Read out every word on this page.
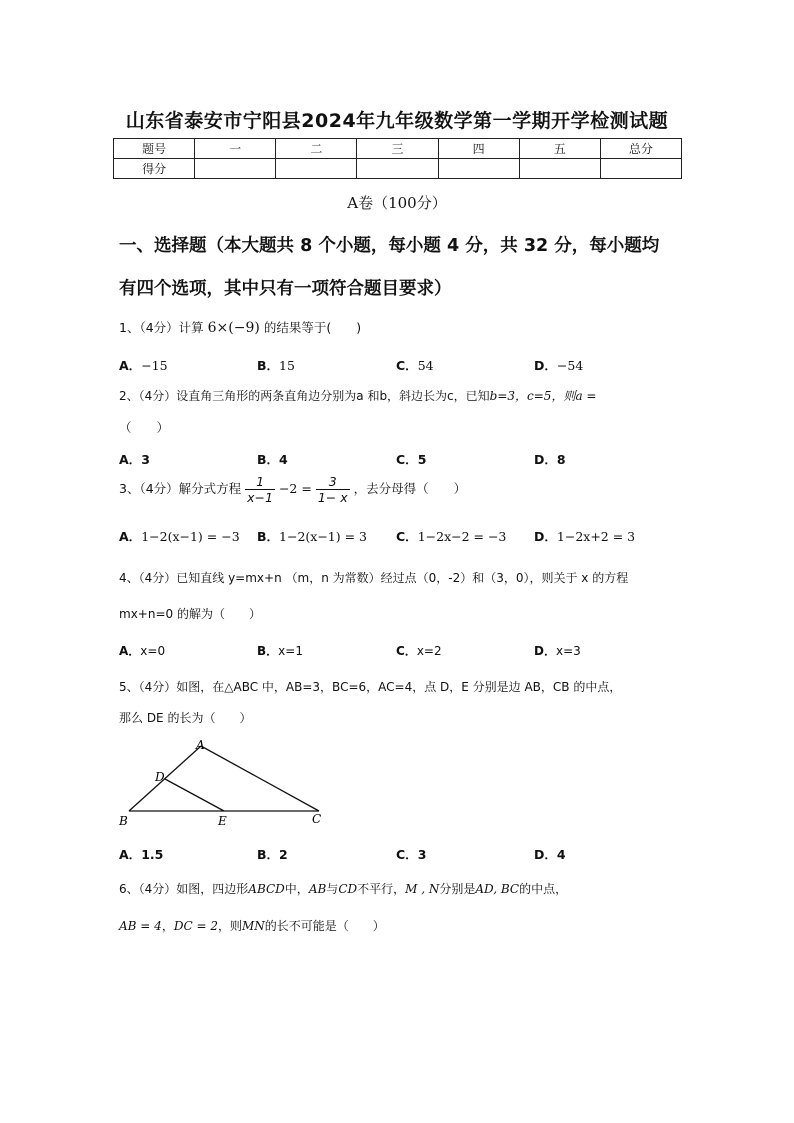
山东省泰安市宁阳县2024年九年级数学第一学期开学检测试题
题号	一	二	三	四	五	总分
得分						
A卷（100分）
一、选择题（本大题共 8 个小题，每小题 4 分，共 32 分，每小题均
有四个选项，其中只有一项符合题目要求）
1、（4分）计算 6×(−9) 的结果等于(　　)
A．−15	B．15	C．54	D．−54
2、（4分）设直角三角形的两条直角边分别为a 和b，斜边长为c，已知b=3，c=5，则a =
（　　）
A．3	B．4	C．5	D．8
3、（4分）解分式方程 $\frac{1}{x-1} -2 = \frac{3}{1- x}$ ，去分母得（　　）
A．1−2(x−1) = −3 B．1−2(x−1) = 3 C．1−2x−2 = −3 D．1−2x+2 = 3
4、（4分）已知直线 y=mx+n （m，n 为常数）经过点（0，-2）和（3，0），则关于 x 的方程
mx+n=0 的解为（　　）
A．x=0	B．x=1	C．x=2	D．x=3
5、（4分）如图，在△ABC 中，AB=3，BC=6，AC=4，点 D，E 分别是边 AB，CB 的中点，
那么 DE 的长为（　　）
A
D
B	E	C
A．1.5	B．2	C．3	D．4
6、（4分）如图，四边形ABCD中，AB与CD不平行，M , N分别是AD, BC的中点，
AB = 4，DC = 2，则MN的长不可能是（　　）
